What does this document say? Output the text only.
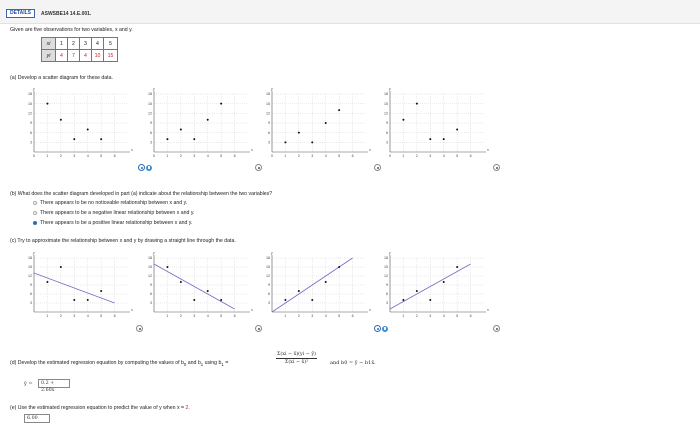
DETAILS	ASWSBE14 14.E.001.
Given are five observations for two variables, x and y.
xi	1	2	3	4	5
yi	4	7	4	10	15
(a) Develop a scatter diagram for these data.
3
6
9
12
15
18
0	1	2	3	4	5	6
y
x
3
6
9
12
15
18
0	1	2	3	4	5	6
y
x
3
6
9
12
15
18
0	1	2	3	4	5	6
y
x
3
6
9
12
15
18
0	1	2	3	4	5	6
y
x
(b) What does the scatter diagram developed in part (a) indicate about the relationship between the two variables?
There appears to be no noticeable relationship between x and y.
There appears to be a negative linear relationship between x and y.
There appears to be a positive linear relationship between x and y.
(c) Try to approximate the relationship between x and y by drawing a straight line through the data.
3
6
9
12
15
18
1	2	3	4	5	6
y
x
3
6
9
12
15
18
1	2	3	4	5	6
y
x
3
6
9
12
15
18
1	2	3	4	5	6
y
x
3
6
9
12
15
18
1	2	3	4	5	6
y
x
(d) Develop the estimated regression equation by computing the values of $b_0$ and $b_1$ using $b_1$ =	$\frac{\Sigma(xi - x̄)(yi - ȳ)}{\text{Σ(xi − x̄)²}}$	and b0 = ȳ − b1x̄.
ŷ =	0.2 + 2.60x
(e) Use the estimated regression equation to predict the value of y when x = 2.
6.00
